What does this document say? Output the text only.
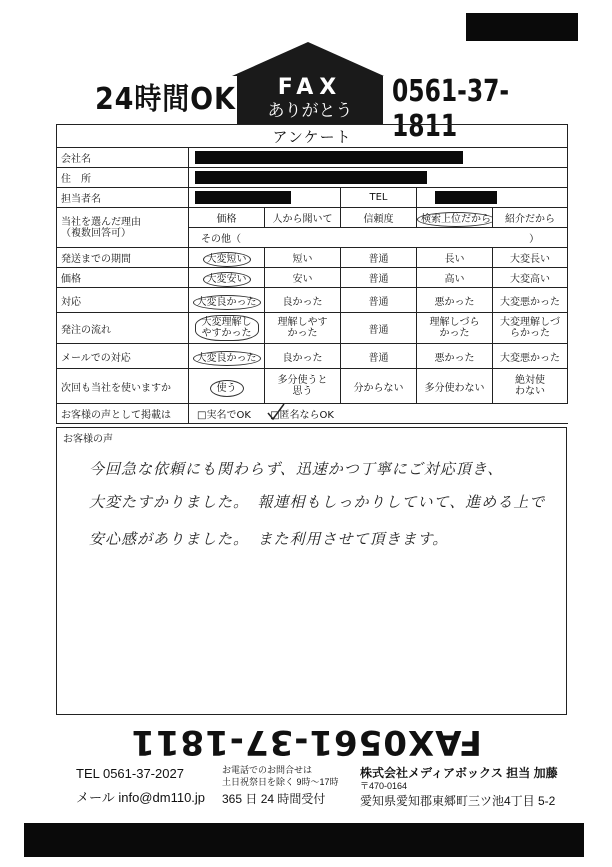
24時間OK	FAX
ありがとう
0561-37-1811
アンケート					
会社名					
住　所					
担当者名			TEL		

当社を選んだ理由
（複数回答可）	価格	人から聞いて	信頼度	検索上位だから	紹介だから
	その他（ ）				

発送までの期間	大変短い	短い	普通	長い	大変長い
価格	大変安い	安い	普通	高い	大変高い
対応	大変良かった	良かった	普通	悪かった	大変悪かった
発注の流れ	大変理解しやすかった	理解しやすかった	普通	理解しづらかった	大変理解しづらかった
メールでの対応	大変良かった	良かった	普通	悪かった	大変悪かった
次回も当社を使いますか	使う	多分使うと思う	分からない	多分使わない	絶対使わない
お客様の声として掲載は	□実名でOK □匿名ならOK				
お客様の声
今回急な依頼にも関わらず、迅速かつ丁寧にご対応頂き、
大変たすかりました。　報連相もしっかりしていて、進める上で
安心感がありました。　また利用させて頂きます。
FAX0561-37-1811
TEL 0561-37-2027
メール info@dm110.jp
お電話でのお問合せは
土日祝祭日を除く 9時〜17時
365 日 24 時間受付
株式会社メディアボックス 担当 加藤
〒470-0164
愛知県愛知郡東郷町三ツ池4丁目 5-2
